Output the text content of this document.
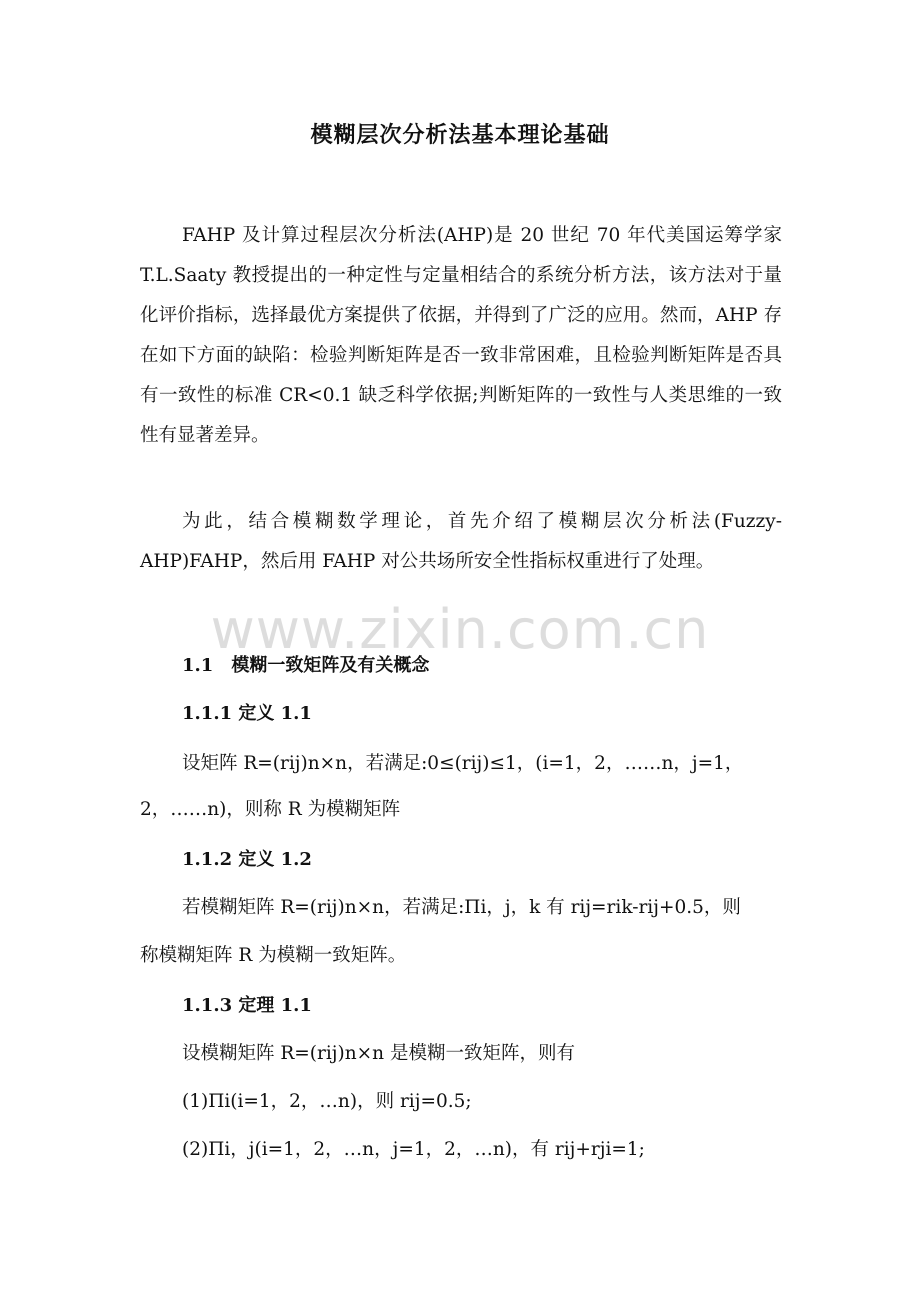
模糊层次分析法基本理论基础
FAHP 及计算过程层次分析法(AHP)是 20 世纪 70 年代美国运筹学家 T.L.Saaty 教授提出的一种定性与定量相结合的系统分析方法，该方法对于量化评价指标，选择最优方案提供了依据，并得到了广泛的应用。然而，AHP 存在如下方面的缺陷：检验判断矩阵是否一致非常困难，且检验判断矩阵是否具有一致性的标准 CR<0.1 缺乏科学依据;判断矩阵的一致性与人类思维的一致性有显著差异。
为此，结合模糊数学理论，首先介绍了模糊层次分析法(Fuzzy-AHP)FAHP，然后用 FAHP 对公共场所安全性指标权重进行了处理。
1.1　模糊一致矩阵及有关概念
1.1.1 定义 1.1
设矩阵 R=(rij)n×n，若满足:0≤(rij)≤1，(i=1，2，……n，j=1，
2，……n)，则称 R 为模糊矩阵
1.1.2 定义 1.2
若模糊矩阵 R=(rij)n×n，若满足:Πi，j，k 有 rij=rik-rij+0.5，则
称模糊矩阵 R 为模糊一致矩阵。
1.1.3 定理 1.1
设模糊矩阵 R=(rij)n×n 是模糊一致矩阵，则有
(1)Πi(i=1，2，…n)，则 rij=0.5;
(2)Πi，j(i=1，2，…n，j=1，2，…n)，有 rij+rji=1;
www.zixin.com.cn
